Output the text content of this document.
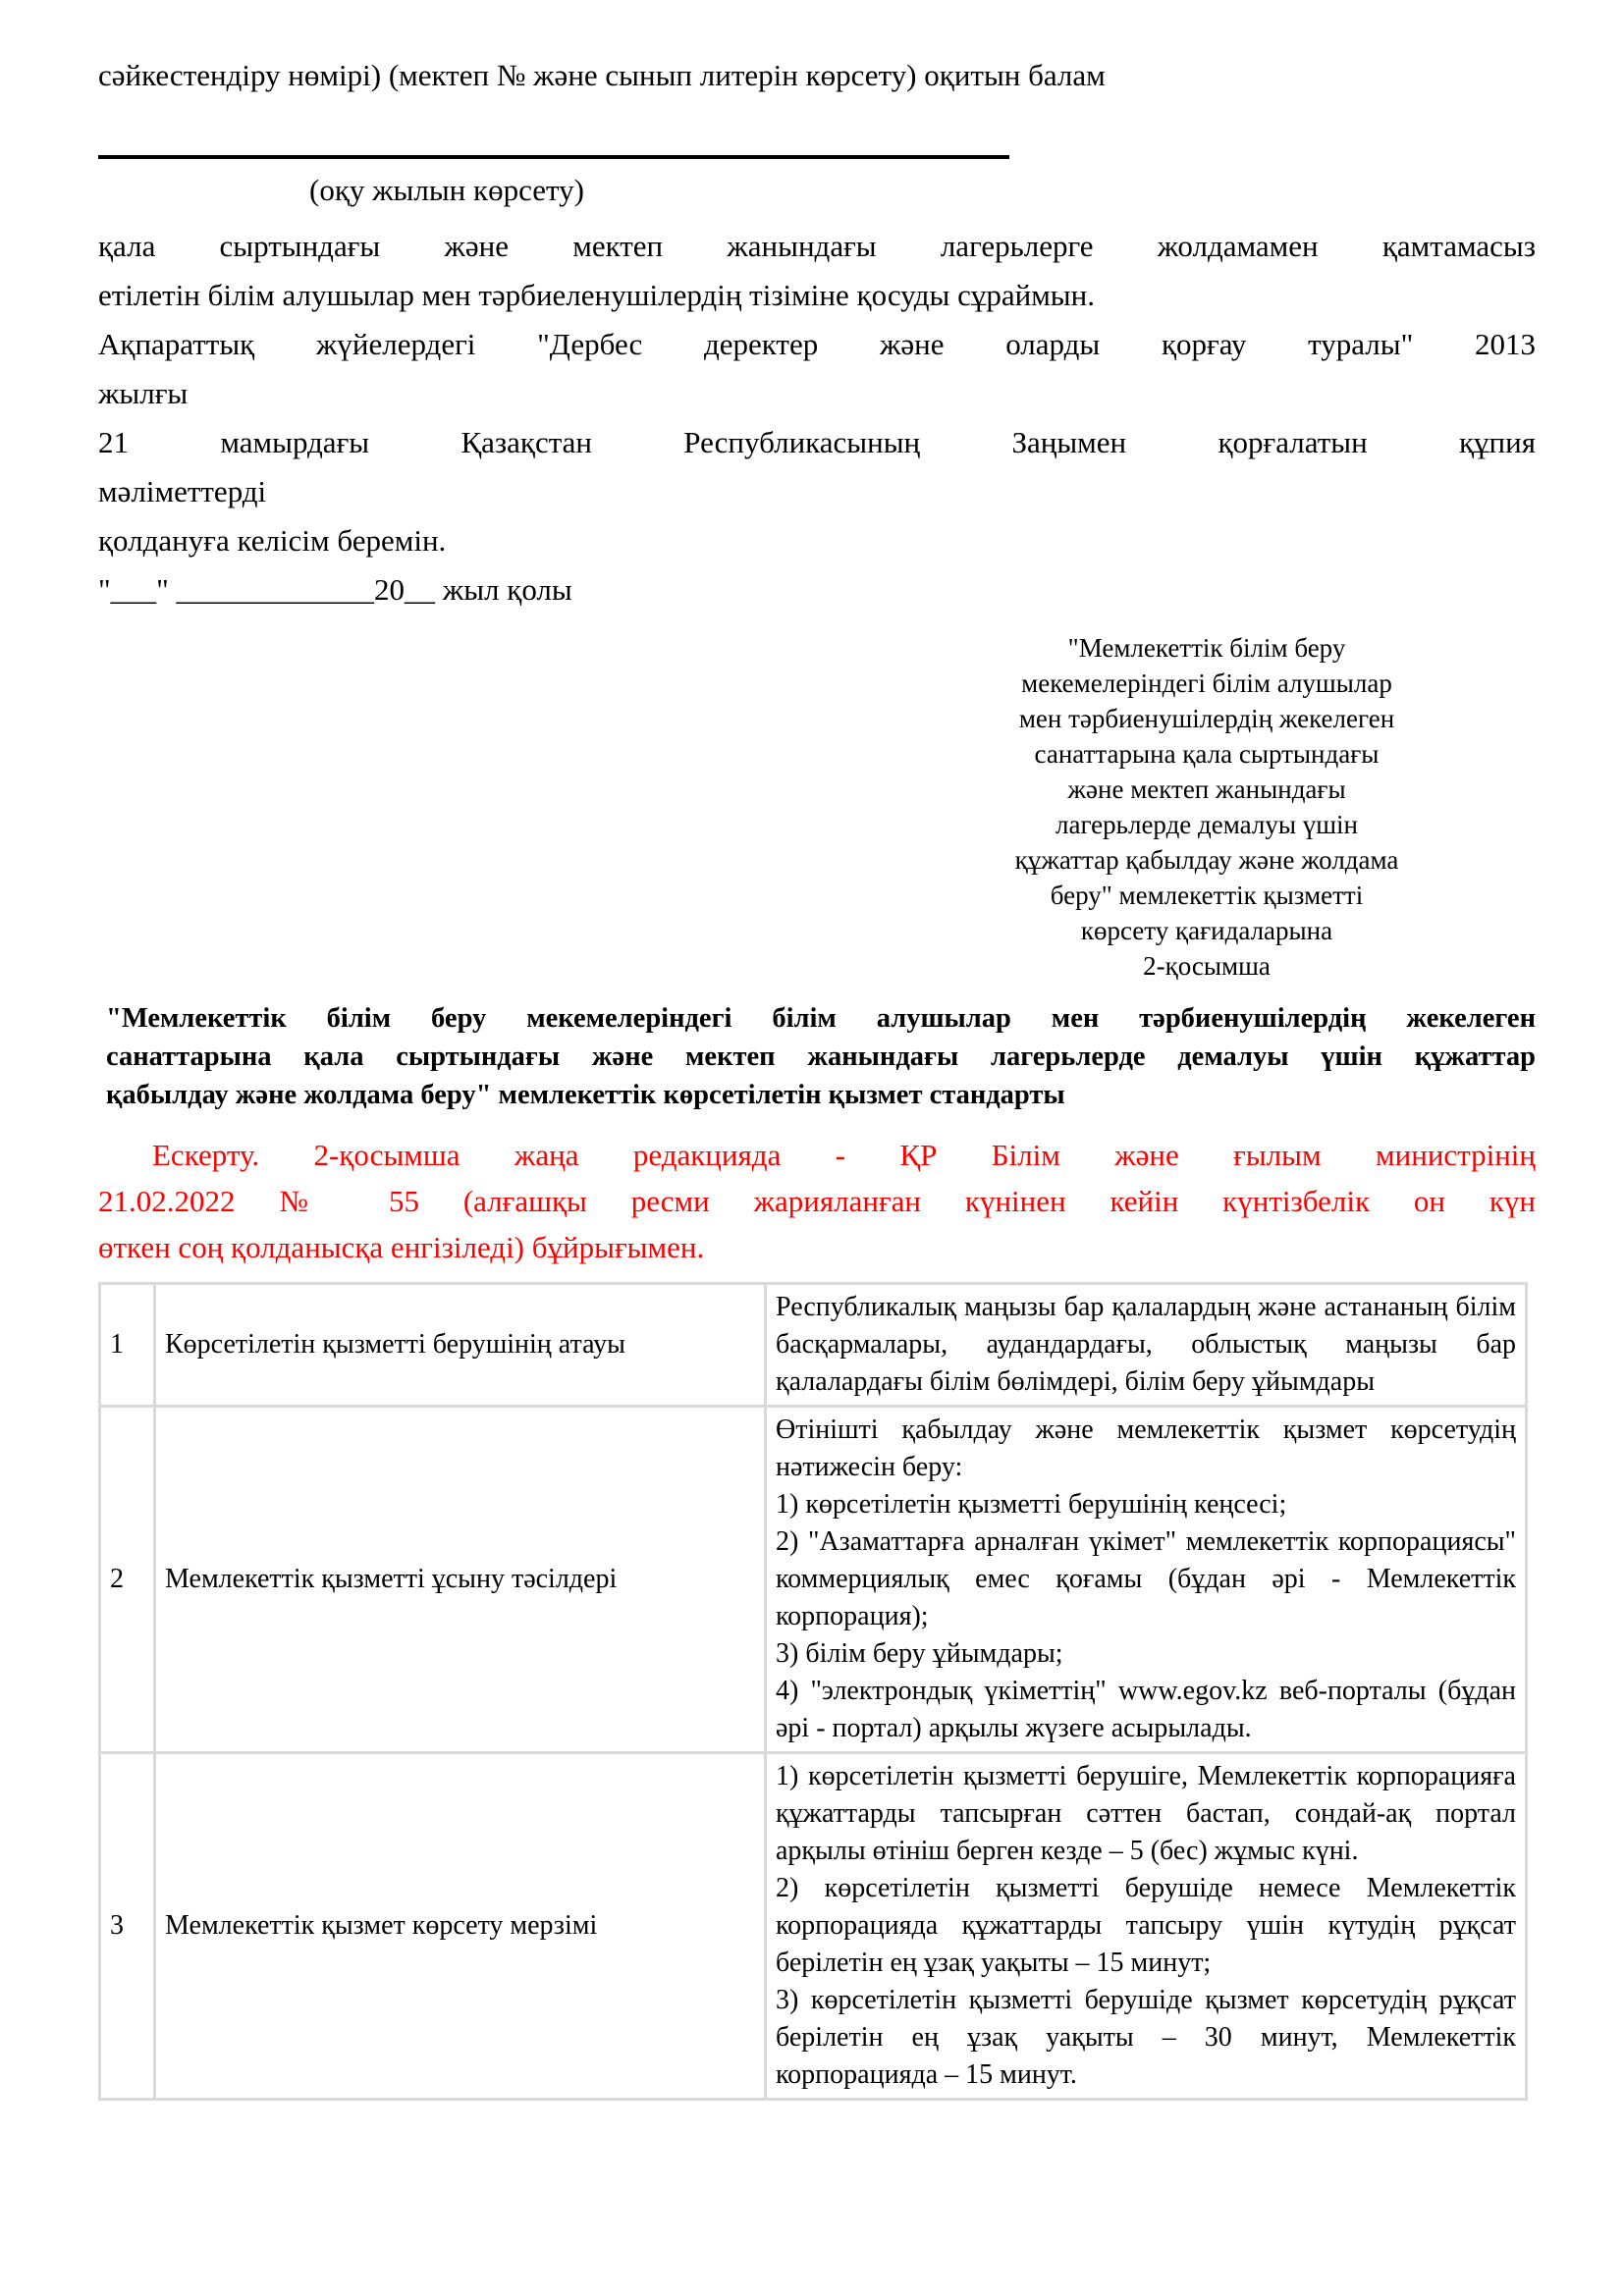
сәйкестендіру нөмірі) (мектеп № және сынып литерін көрсету) оқитын балам
(оқу жылын көрсету)
қала сыртындағы және мектеп жанындағы лагерьлерге жолдамамен қамтамасыз
етілетін білім алушылар мен тәрбиеленушілердің тізіміне қосуды сұраймын.
Ақпараттық жүйелердегі "Дербес деректер және оларды қорғау туралы" 2013
жылғы
21 мамырдағы Қазақстан Республикасының Заңымен қорғалатын құпия
мәліметтерді
қолдануға келісім беремін.
"___" _____________20__ жыл қолы
"Мемлекеттік білім беру
мекемелеріндегі білім алушылар
мен тәрбиенушілердің жекелеген
санаттарына қала сыртындағы
және мектеп жанындағы
лагерьлерде демалуы үшін
құжаттар қабылдау және жолдама
беру" мемлекеттік қызметті
көрсету қағидаларына
2-қосымша
"Мемлекеттік білім беру мекемелеріндегі білім алушылар мен тәрбиенушілердің жекелеген
санаттарына қала сыртындағы және мектеп жанындағы лагерьлерде демалуы үшін құжаттар
қабылдау және жолдама беру" мемлекеттік көрсетілетін қызмет стандарты
Ескерту. 2-қосымша жаңа редакцияда - ҚР Білім және ғылым министрінің
21.02.2022 № 55 (алғашқы ресми жарияланған күнінен кейін күнтізбелік он күн
өткен соң қолданысқа енгізіледі) бұйрығымен.
1	Көрсетілетін қызметті берушінің атауы	Республикалық маңызы бар қалалардың және астананың білім басқармалары, аудандардағы, облыстық маңызы бар қалалардағы білім бөлімдері, білім беру ұйымдары

2	Мемлекеттік қызметті ұсыну тәсілдері	Өтінішті қабылдау және мемлекеттік қызмет көрсетудің нәтижесін беру:
1) көрсетілетін қызметті берушінің кеңсесі;
2) "Азаматтарға арналған үкімет" мемлекеттік корпорациясы" коммерциялық емес қоғамы (бұдан әрі - Мемлекеттік корпорация);
3) білім беру ұйымдары;
4) "электрондық үкіметтің" www.egov.kz веб-порталы (бұдан әрі - портал) арқылы жүзеге асырылады.

3	Мемлекеттік қызмет көрсету мерзімі	1) көрсетілетін қызметті берушіге, Мемлекеттік корпорацияға құжаттарды тапсырған сәттен бастап, сондай-ақ портал арқылы өтініш берген кезде – 5 (бес) жұмыс күні.
2) көрсетілетін қызметті берушіде немесе Мемлекеттік корпорацияда құжаттарды тапсыру үшін күтудің рұқсат берілетін ең ұзақ уақыты – 15 минут;
3) көрсетілетін қызметті берушіде қызмет көрсетудің рұқсат берілетін ең ұзақ уақыты – 30 минут, Мемлекеттік корпорацияда – 15 минут.
